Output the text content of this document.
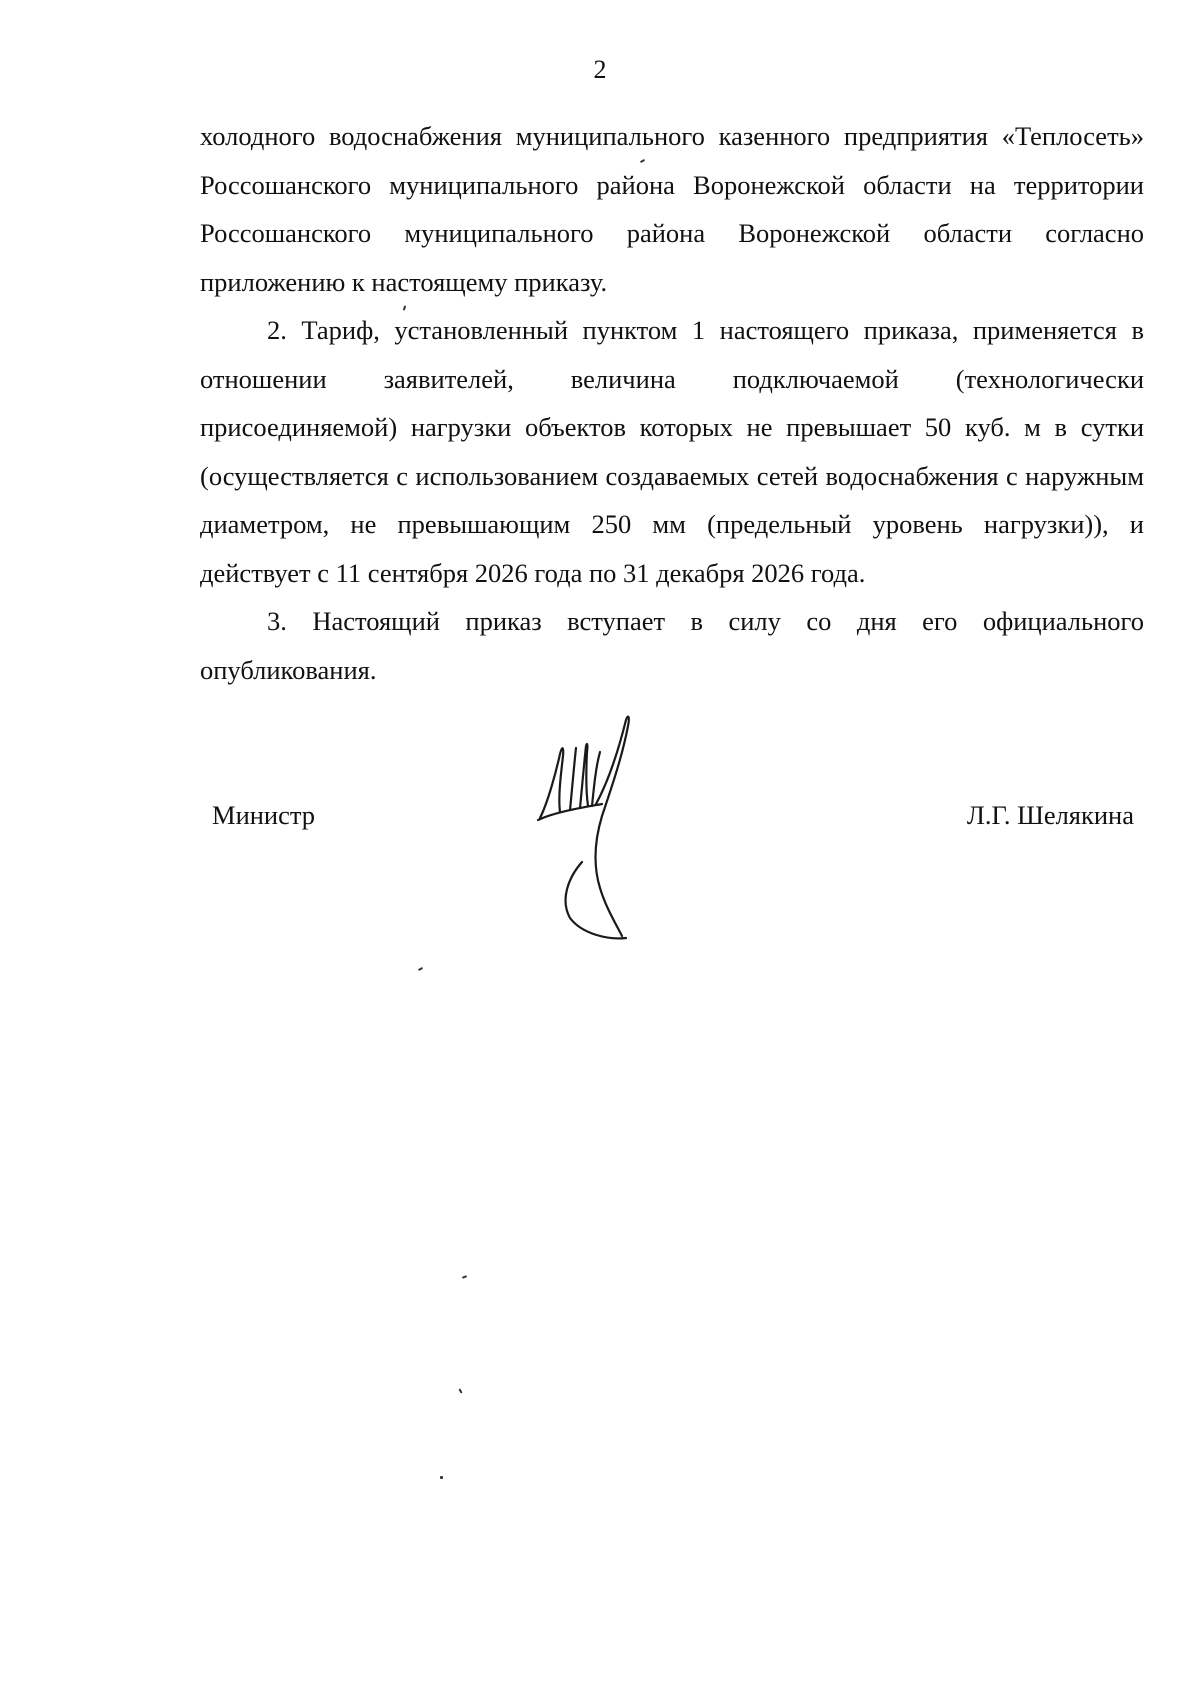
2

холодного водоснабжения муниципального казенного предприятия «Теплосеть» Россошанского муниципального района Воронежской области на территории Россошанского муниципального района Воронежской области согласно приложению к настоящему приказу.

2. Тариф, установленный пунктом 1 настоящего приказа, применяется в отношении заявителей, величина подключаемой (технологически присоединяемой) нагрузки объектов которых не превышает 50 куб. м в сутки (осуществляется с использованием создаваемых сетей водоснабжения с наружным диаметром, не превышающим 250 мм (предельный уровень нагрузки)), и действует с 11 сентября 2026 года по 31 декабря 2026 года.

3. Настоящий приказ вступает в силу со дня его официального опубликования.

Министр	Л.Г. Шелякина
